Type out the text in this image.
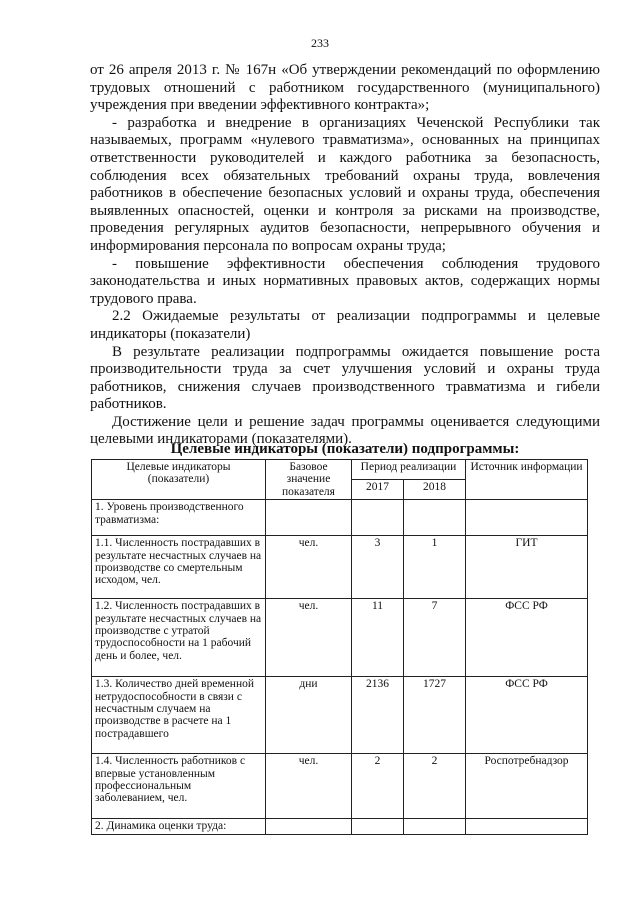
233

от 26 апреля 2013 г. № 167н «Об утверждении рекомендаций по оформлению трудовых отношений с работником государственного (муниципального) учреждения при введении эффективного контракта»;

- разработка и внедрение в организациях Чеченской Республики так называемых, программ «нулевого травматизма», основанных на принципах ответственности руководителей и каждого работника за безопасность, соблюдения всех обязательных требований охраны труда, вовлечения работников в обеспечение безопасных условий и охраны труда, обеспечения выявленных опасностей, оценки и контроля за рисками на производстве, проведения регулярных аудитов безопасности, непрерывного обучения и информирования персонала по вопросам охраны труда;

- повышение эффективности обеспечения соблюдения трудового законодательства и иных нормативных правовых актов, содержащих нормы трудового права.

2.2 Ожидаемые результаты от реализации подпрограммы и целевые индикаторы (показатели)

В результате реализации подпрограммы ожидается повышение роста производительности труда за счет улучшения условий и охраны труда работников, снижения случаев производственного травматизма и гибели работников.

Достижение цели и решение задач программы оценивается следующими целевыми индикаторами (показателями).

Целевые индикаторы (показатели) подпрограммы:
Целевые индикаторы (показатели)	Базовое значение показателя	Период реализации		Источник информации
		2017	2018	
1. Уровень производственного травматизма:				
1.1. Численность пострадавших в результате несчастных случаев на производстве со смертельным исходом, чел.	чел.	3	1	ГИТ
1.2. Численность пострадавших в результате несчастных случаев на производстве с утратой трудоспособности на 1 рабочий день и более, чел.	чел.	11	7	ФСС РФ
1.3. Количество дней временной нетрудоспособности в связи с несчастным случаем на производстве в расчете на 1 пострадавшего	дни	2136	1727	ФСС РФ
1.4. Численность работников с впервые установленным профессиональным заболеванием, чел.	чел.	2	2	Роспотребнадзор
2. Динамика оценки труда:				
